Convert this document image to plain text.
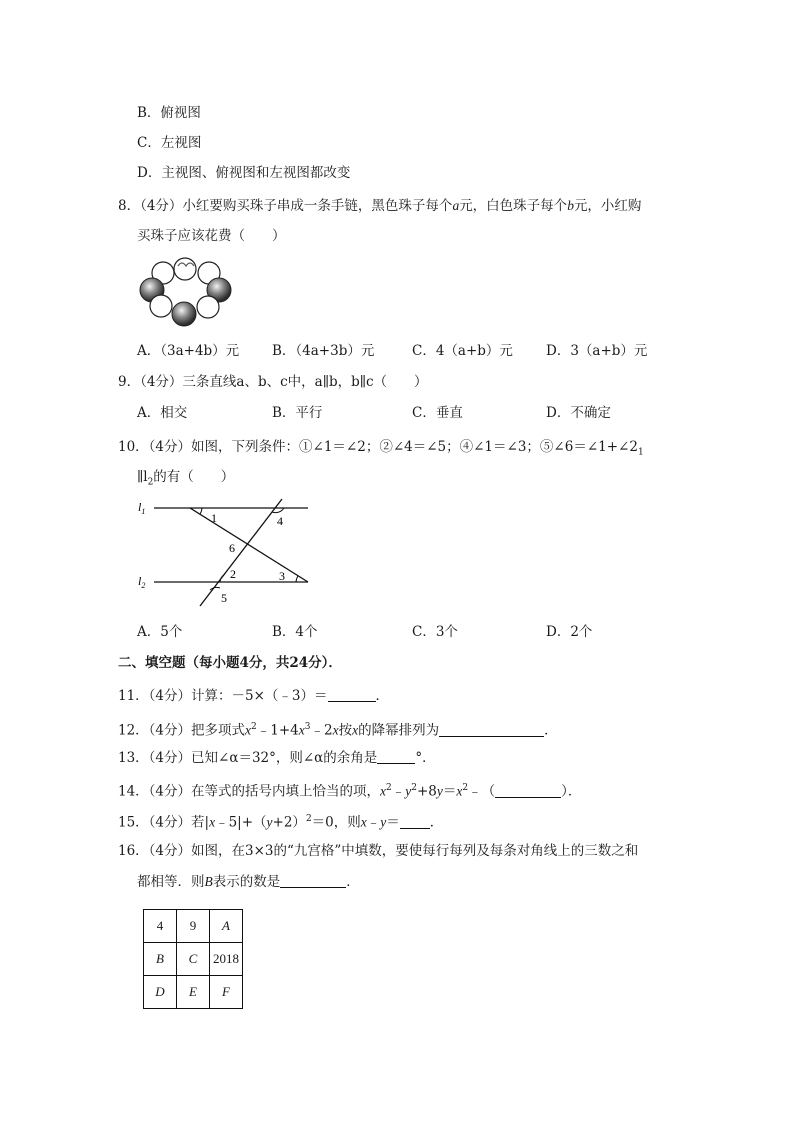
B．俯视图
C．左视图
D．主视图、俯视图和左视图都改变
8．（4分）小红要购买珠子串成一条手链，黑色珠子每个a元，白色珠子每个b元，小红购
买珠子应该花费（　　）
A．（3a+4b）元 B．（4a+3b）元	C．4（a+b）元 D．3（a+b）元
9．（4分）三条直线a、b、c中，a∥b，b∥c（　　）
A．相交	B．平行	C．垂直	D．不确定
10．（4分）如图，下列条件：①∠1＝∠2；②∠4＝∠5；④∠1＝∠3；$⑤\angle 6=\angle 1+\angle 2_1$
$\parallel l_2$的有（　　）
$l_1$
$l_2$
1	4
6
2	3
5
A．5个	B．4个	C．3个	D．2个
二、填空题（每小题4分，共24分）．
11．（4分）计算：－5×（﹣3）＝	．
12．（4分）把多项式$x^2﹣1+4x^3﹣2x$按x的降幂排列为	．
13．（4分）已知∠α＝32°，则∠α的余角是	°．
14．（4分）在等式的括号内填上恰当的项，$x^2﹣y^2+8y=x^2﹣$（	）．
15．（4分）若$|x﹣5|+(y+2)^2=0$，则x﹣y＝ ．
16．（4分）如图，在3×3的“九宫格”中填数，要使每行每列及每条对角线上的三数之和
都相等．则B表示的数是	．
4	9	A
B	C	2018
D	E	F
